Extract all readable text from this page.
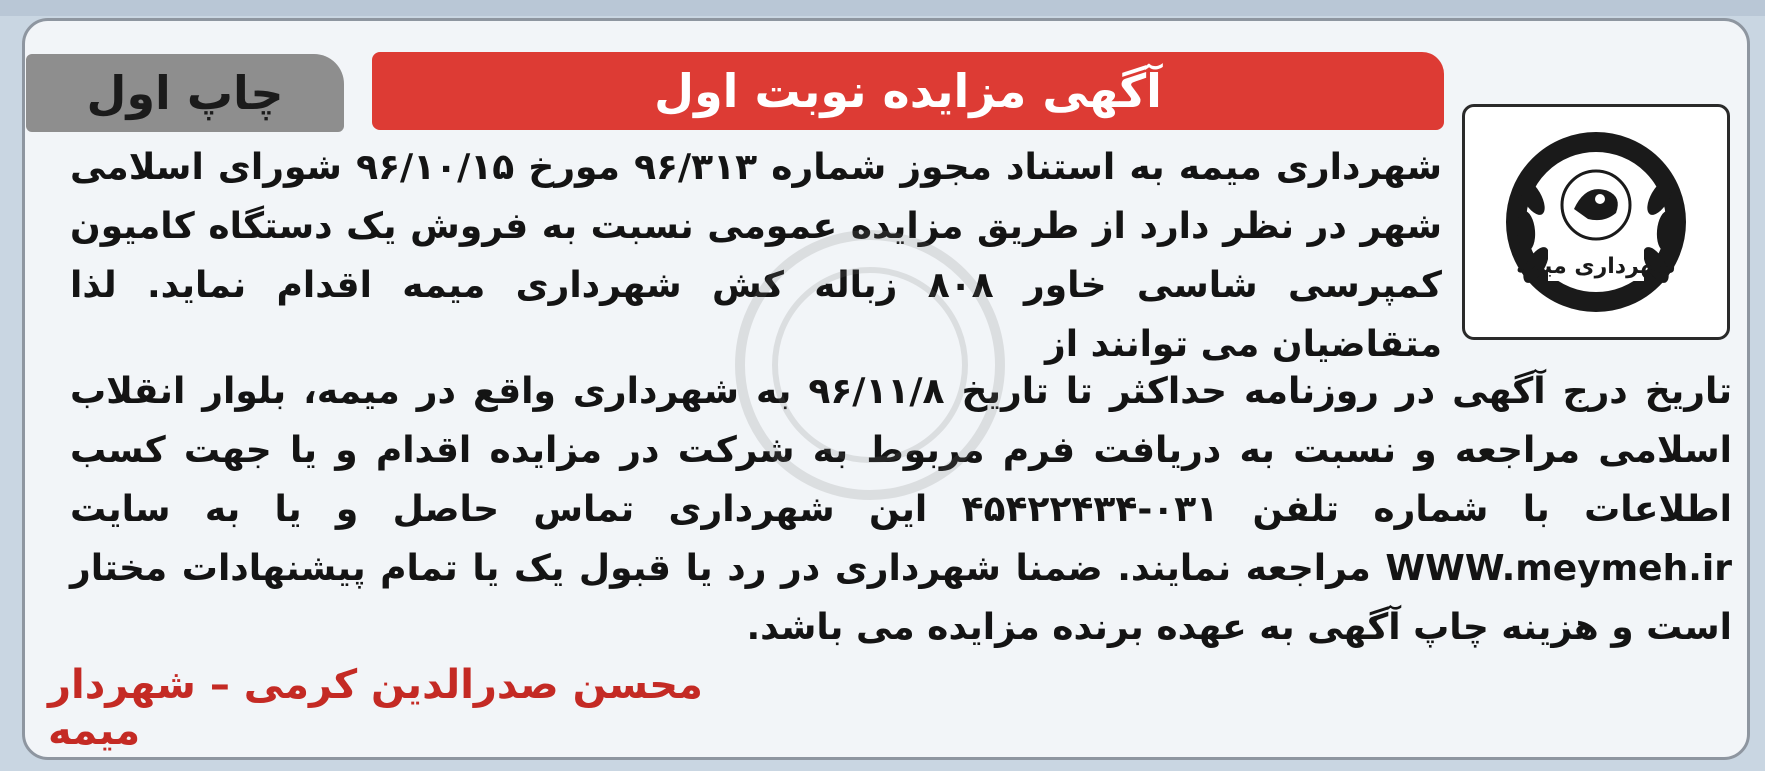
چاپ اول	آگهی مزایده نوبت اول
شهرداری میمه
شهرداری میمه به استناد مجوز شماره ۹۶/۳۱۳ مورخ ۹۶/۱۰/۱۵ شورای اسلامی شهر در نظر دارد از طریق مزایده عمومی نسبت به فروش یک دستگاه کامیون کمپرسی شاسی خاور ۸۰۸ زباله کش شهرداری میمه اقدام نماید. لذا متقاضیان می توانند از
تاریخ درج آگهی در روزنامه حداکثر تا تاریخ ۹۶/۱۱/۸ به شهرداری واقع در میمه، بلوار انقلاب اسلامی مراجعه و نسبت به دریافت فرم مربوط به شرکت در مزایده اقدام و یا جهت کسب اطلاعات با شماره تلفن ۰۳۱-۴۵۴۲۲۴۳۴ این شهرداری تماس حاصل و یا به سایت WWW.meymeh.ir مراجعه نمایند. ضمنا شهرداری در رد یا قبول یک یا تمام پیشنهادات مختار است و هزینه چاپ آگهی به عهده برنده مزایده می باشد.
محسن صدرالدین کرمی – شهردار میمه
